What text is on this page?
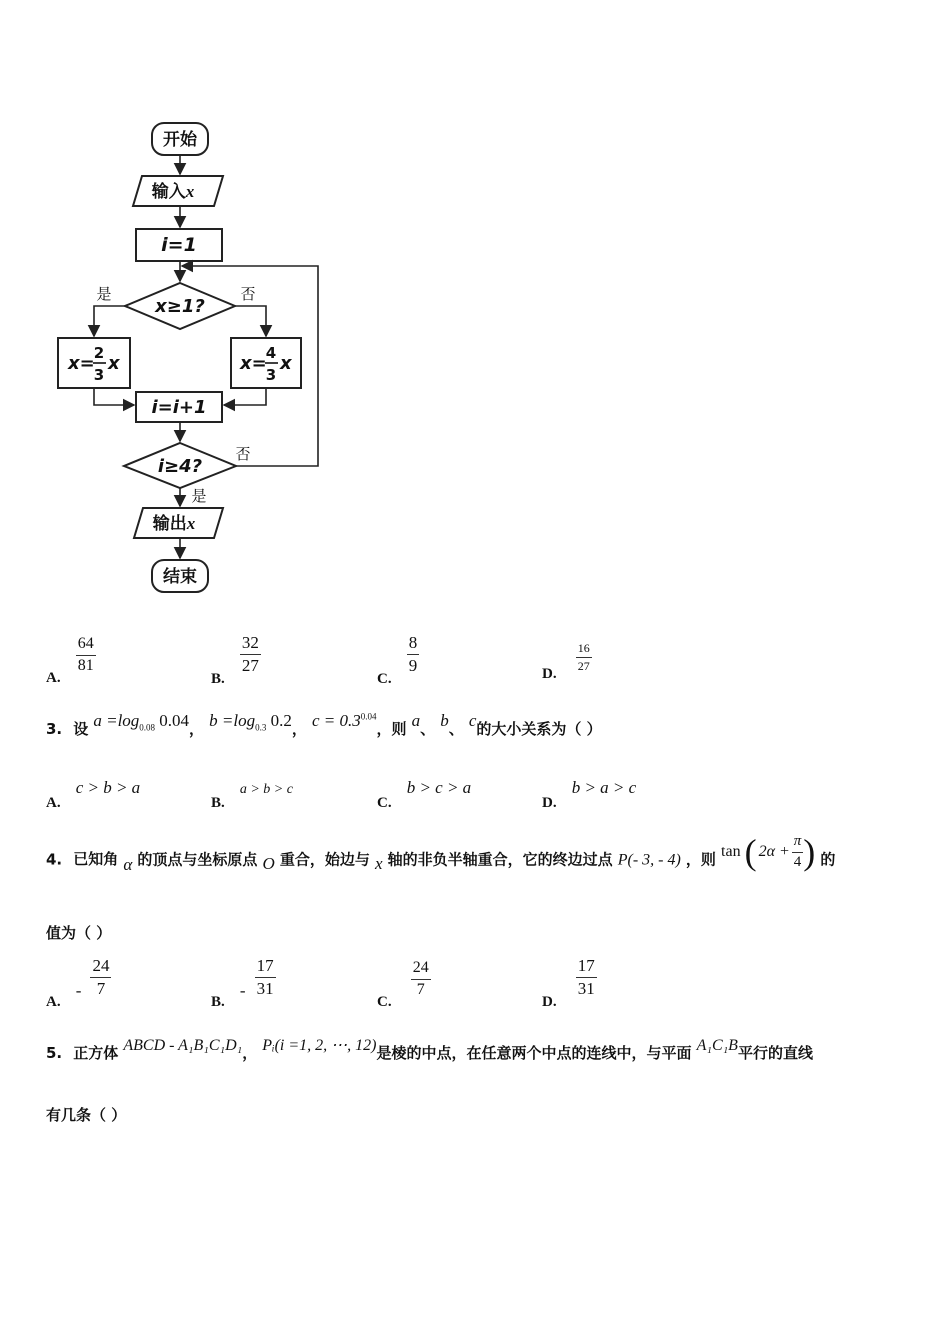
开始
输入x
i=1
x≥1?
是	否
x= 2
3
x	x= 4
3
x
i=i+1
i≥4?
否
是
输出x
结束
A.
$\frac{64}{81}$
B.
$\frac{32}{27}$
C.
$\frac{8}{9}$	D.
$\frac{16}{27}$
3. 设 $a =\log_{0.08}$ 0.04， $b =\log_{0.3}$ 0.2， $c = 0.3^{0.04}$，则 a、 b、 c的大小关系为（ ）
A. c > b > a
B. a > b > c
C. b > c > a
D. b > a > c
4. 已知角 α 的顶点与坐标原点 O 重合，始边与 x 轴的非负半轴重合，它的终边过点 P(- 3, - 4) ，则 tan ( $2\alpha + \frac{\pi}{4}$ ) 的
值为（ ）
A. - $\frac{24}{7}$
B. - $\frac{17}{31}$
C.
$\frac{24}{7}$
D.
$\frac{17}{31}$
5. 正方体 ABCD - A₁B₁C₁D₁， Pᵢ(i =1, 2, ⋯, 12)是棱的中点，在任意两个中点的连线中，与平面 A₁C₁B平行的直线
有几条（ ）
